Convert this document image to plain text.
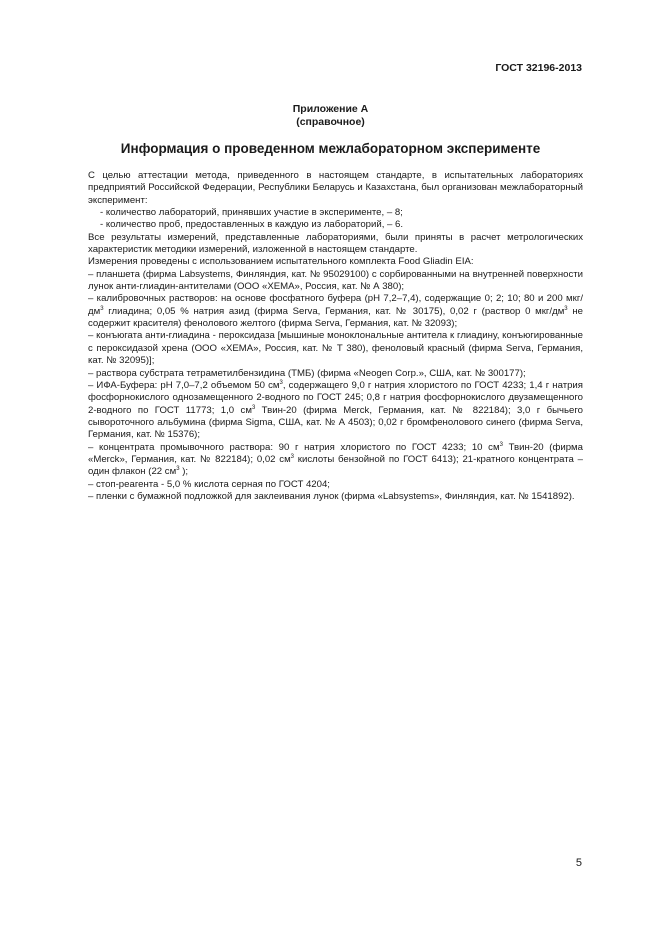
ГОСТ 32196-2013
Приложение А
(справочное)
Информация о проведенном межлабораторном эксперименте

С целью аттестации метода, приведенного в настоящем стандарте, в испытательных лабораториях предприятий Российской Федерации, Республики Беларусь и Казахстана, был организован межлабораторный эксперимент:

- количество лабораторий, принявших участие в эксперименте, – 8;

- количество проб, предоставленных в каждую из лабораторий, – 6.

Все результаты измерений, представленные лабораториями, были приняты в расчет метрологических характеристик методики измерений, изложенной в настоящем стандарте.

Измерения проведены с использованием испытательного комплекта Food Gliadin EIA:

– планшета (фирма Labsystems, Финляндия, кат. № 95029100) с сорбированными на внутренней поверхности лунок анти-глиадин-антителами (ООО «ХЕМА», Россия, кат. № А 380);

– калибровочных растворов: на основе фосфатного буфера (рН 7,2–7,4), содержащие 0; 2; 10; 80 и 200 мкг/$дм^3$ глиадина; 0,05 % натрия азид (фирма Serva, Германия, кат. № 30175), 0,02 г (раствор 0 мкг/$дм^3$ не содержит красителя) фенолового желтого (фирма Serva, Германия, кат. № 32093);

– конъюгата анти-глиадина - пероксидаза [мышиные моноклональные антитела к глиадину, конъюгированные с пероксидазой хрена (ООО «ХЕМА», Россия, кат. № Т 380), феноловый красный (фирма Serva, Германия, кат. № 32095)];

– раствора субстрата тетраметилбензидина (ТМБ) (фирма «Neogen Corp.», США, кат. № 300177);

– ИФА-Буфера: рН 7,0–7,2 объемом 50 $см^3$, содержащего 9,0 г натрия хлористого по ГОСТ 4233; 1,4 г натрия фосфорнокислого однозамещенного 2-водного по ГОСТ 245; 0,8 г натрия фосфорнокислого двузамещенного 2-водного по ГОСТ 11773; 1,0 $см^3$ Твин-20 (фирма Merck, Германия, кат. № 822184); 3,0 г бычьего сывороточного альбумина (фирма Sigma, США, кат. № А 4503); 0,02 г бромфенолового синего (фирма Serva, Германия, кат. № 15376);

– концентрата промывочного раствора: 90 г натрия хлористого по ГОСТ 4233; 10 $см^3$ Твин-20 (фирма «Merck», Германия, кат. № 822184); 0,02 $см^3$ кислоты бензойной по ГОСТ 6413); 21-кратного концентрата – один флакон (22 $см^3$ );

– стоп-реагента - 5,0 % кислота серная по ГОСТ 4204;

– пленки с бумажной подложкой для заклеивания лунок (фирма «Labsystems», Финляндия, кат. № 1541892).

5
